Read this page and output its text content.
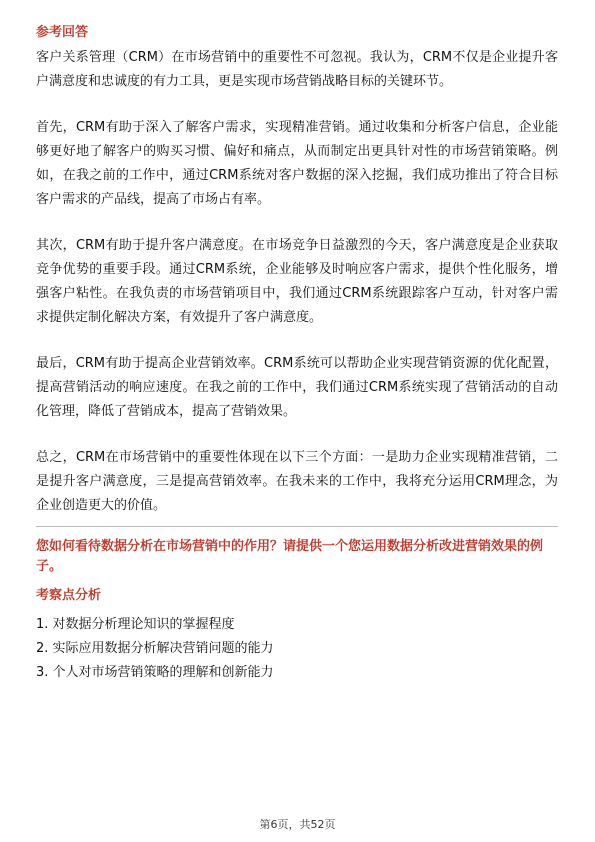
参考回答

客户关系管理（CRM）在市场营销中的重要性不可忽视。我认为，CRM不仅是企业提升客户满意度和忠诚度的有力工具，更是实现市场营销战略目标的关键环节。

首先，CRM有助于深入了解客户需求，实现精准营销。通过收集和分析客户信息，企业能够更好地了解客户的购买习惯、偏好和痛点，从而制定出更具针对性的市场营销策略。例如，在我之前的工作中，通过CRM系统对客户数据的深入挖掘，我们成功推出了符合目标客户需求的产品线，提高了市场占有率。

其次，CRM有助于提升客户满意度。在市场竞争日益激烈的今天，客户满意度是企业获取竞争优势的重要手段。通过CRM系统，企业能够及时响应客户需求，提供个性化服务，增强客户粘性。在我负责的市场营销项目中，我们通过CRM系统跟踪客户互动，针对客户需求提供定制化解决方案，有效提升了客户满意度。

最后，CRM有助于提高企业营销效率。CRM系统可以帮助企业实现营销资源的优化配置，提高营销活动的响应速度。在我之前的工作中，我们通过CRM系统实现了营销活动的自动化管理，降低了营销成本，提高了营销效果。

总之，CRM在市场营销中的重要性体现在以下三个方面：一是助力企业实现精准营销，二是提升客户满意度，三是提高营销效率。在我未来的工作中，我将充分运用CRM理念，为企业创造更大的价值。

您如何看待数据分析在市场营销中的作用？请提供一个您运用数据分析改进营销效果的例子。
考察点分析
1. 对数据分析理论知识的掌握程度
2. 实际应用数据分析解决营销问题的能力
3. 个人对市场营销策略的理解和创新能力
第6页，共52页
